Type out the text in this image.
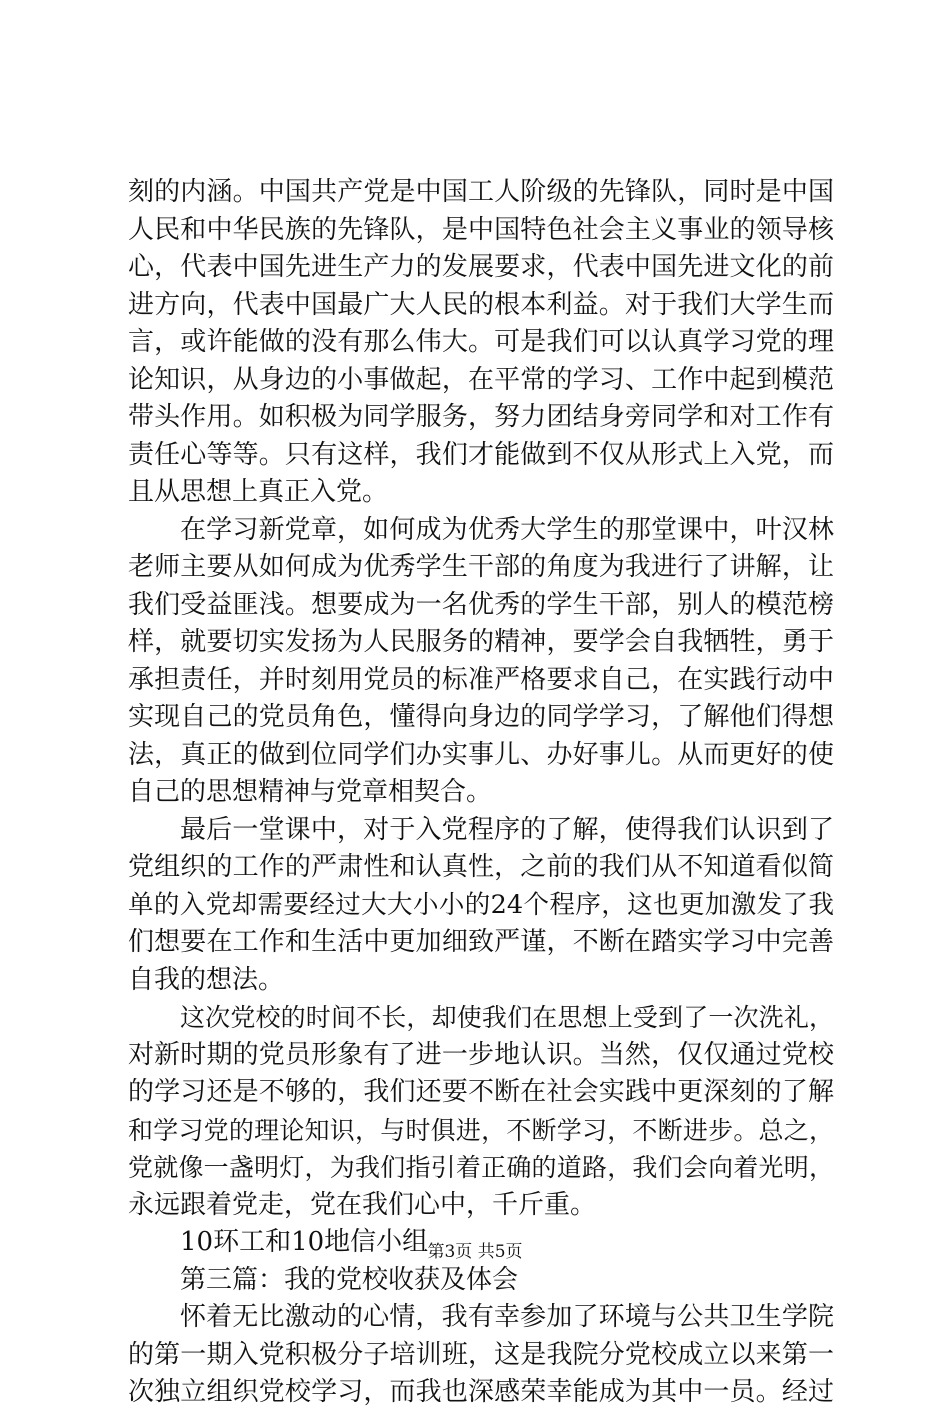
刻的内涵。中国共产党是中国工人阶级的先锋队，同时是中国
人民和中华民族的先锋队，是中国特色社会主义事业的领导核
心，代表中国先进生产力的发展要求，代表中国先进文化的前
进方向，代表中国最广大人民的根本利益。对于我们大学生而
言，或许能做的没有那么伟大。可是我们可以认真学习党的理
论知识，从身边的小事做起，在平常的学习、工作中起到模范
带头作用。如积极为同学服务，努力团结身旁同学和对工作有
责任心等等。只有这样，我们才能做到不仅从形式上入党，而
且从思想上真正入党。
在学习新党章，如何成为优秀大学生的那堂课中，叶汉林
老师主要从如何成为优秀学生干部的角度为我进行了讲解，让
我们受益匪浅。想要成为一名优秀的学生干部，别人的模范榜
样，就要切实发扬为人民服务的精神，要学会自我牺牲，勇于
承担责任，并时刻用党员的标准严格要求自己，在实践行动中
实现自己的党员角色，懂得向身边的同学学习，了解他们得想
法，真正的做到位同学们办实事儿、办好事儿。从而更好的使
自己的思想精神与党章相契合。
最后一堂课中，对于入党程序的了解，使得我们认识到了
党组织的工作的严肃性和认真性，之前的我们从不知道看似简
单的入党却需要经过大大小小的24个程序，这也更加激发了我
们想要在工作和生活中更加细致严谨，不断在踏实学习中完善
自我的想法。
这次党校的时间不长，却使我们在思想上受到了一次洗礼，
对新时期的党员形象有了进一步地认识。当然，仅仅通过党校
的学习还是不够的，我们还要不断在社会实践中更深刻的了解
和学习党的理论知识，与时俱进，不断学习，不断进步。总之，
党就像一盏明灯，为我们指引着正确的道路，我们会向着光明，
永远跟着党走，党在我们心中，千斤重。
10环工和10地信小组
第三篇：我的党校收获及体会
怀着无比激动的心情，我有幸参加了环境与公共卫生学院
的第一期入党积极分子培训班，这是我院分党校成立以来第一
次独立组织党校学习，而我也深感荣幸能成为其中一员。经过
第3页 共5页
